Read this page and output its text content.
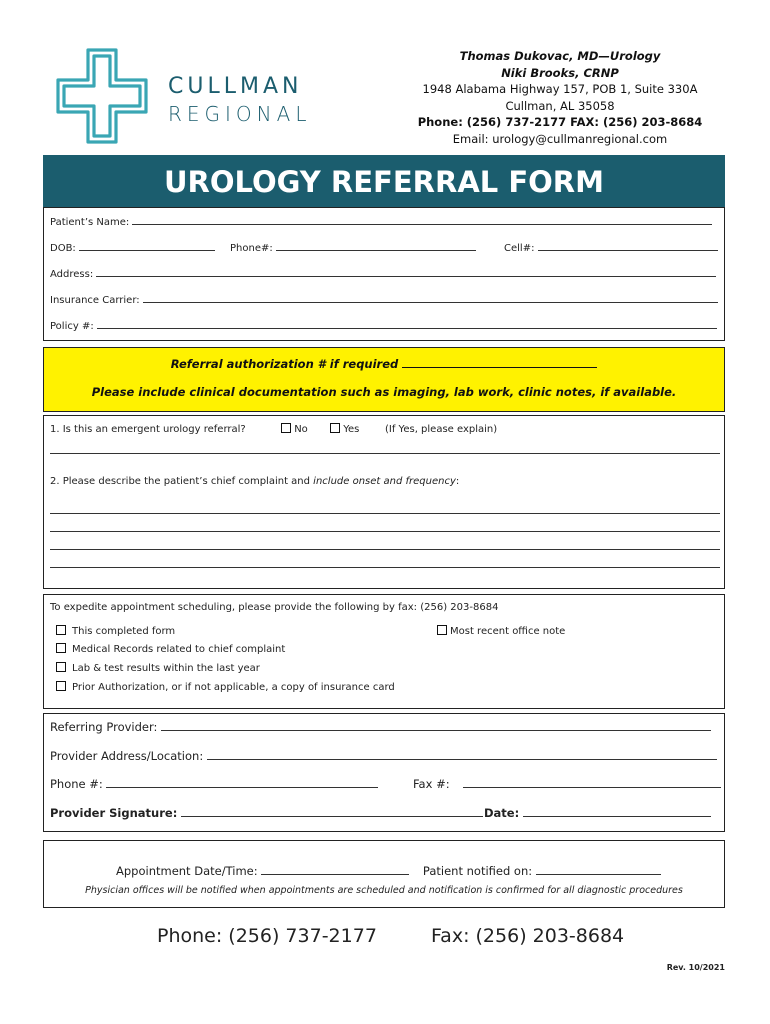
CULLMAN
REGIONAL
Thomas Dukovac, MD—Urology
Niki Brooks, CRNP
1948 Alabama Highway 157, POB 1, Suite 330A
Cullman, AL 35058
Phone: (256) 737-2177 FAX: (256) 203-8684
Email: urology@cullmanregional.com
UROLOGY REFERRAL FORM
Patient’s Name:
DOB:	Phone#:	Cell#:
Address:
Insurance Carrier:
Policy #:
Referral authorization # if required
Please include clinical documentation such as imaging, lab work, clinic notes, if available.
1. Is this an emergent urology referral?	No	Yes	(If Yes, please explain)
2. Please describe the patient’s chief complaint and include onset and frequency:
To expedite appointment scheduling, please provide the following by fax: (256) 203-8684
This completed form
Medical Records related to chief complaint
Lab & test results within the last year
Prior Authorization, or if not applicable, a copy of insurance card
Most recent office note
Referring Provider:
Provider Address/Location:
Phone #:	Fax #:
Provider Signature:	Date:
Appointment Date/Time:	Patient notified on:
Physician offices will be notified when appointments are scheduled and notification is confirmed for all diagnostic procedures
Phone: (256) 737-2177	Fax: (256) 203-8684
Rev. 10/2021
